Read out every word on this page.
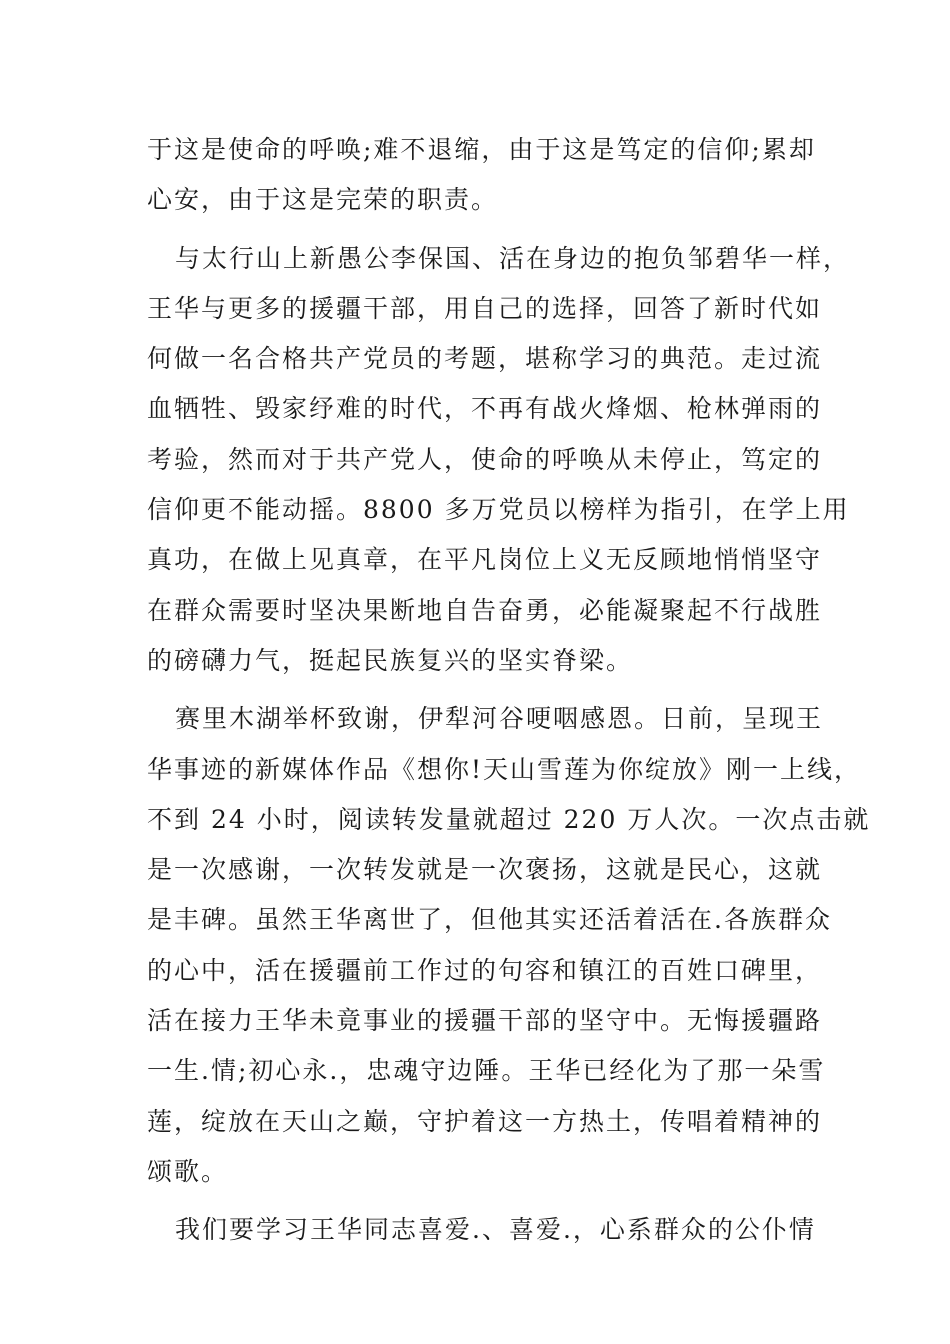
于这是使命的呼唤;难不退缩，由于这是笃定的信仰;累却
心安，由于这是完荣的职责。
与太行山上新愚公李保国、活在身边的抱负邹碧华一样，
王华与更多的援疆干部，用自己的选择，回答了新时代如
何做一名合格共产党员的考题，堪称学习的典范。走过流
血牺牲、毁家纾难的时代，不再有战火烽烟、枪林弹雨的
考验，然而对于共产党人，使命的呼唤从未停止，笃定的
信仰更不能动摇。8800 多万党员以榜样为指引，在学上用
真功，在做上见真章，在平凡岗位上义无反顾地悄悄坚守
在群众需要时坚决果断地自告奋勇，必能凝聚起不行战胜
的磅礴力气，挺起民族复兴的坚实脊梁。
赛里木湖举杯致谢，伊犁河谷哽咽感恩。日前，呈现王
华事迹的新媒体作品《想你!天山雪莲为你绽放》刚一上线，
不到 24 小时，阅读转发量就超过 220 万人次。一次点击就
是一次感谢，一次转发就是一次褒扬，这就是民心，这就
是丰碑。虽然王华离世了，但他其实还活着活在.各族群众
的心中，活在援疆前工作过的句容和镇江的百姓口碑里，
活在接力王华未竟事业的援疆干部的坚守中。无悔援疆路
一生.情;初心永.，忠魂守边陲。王华已经化为了那一朵雪
莲，绽放在天山之巅，守护着这一方热土，传唱着精神的
颂歌。
我们要学习王华同志喜爱.、喜爱.，心系群众的公仆情
